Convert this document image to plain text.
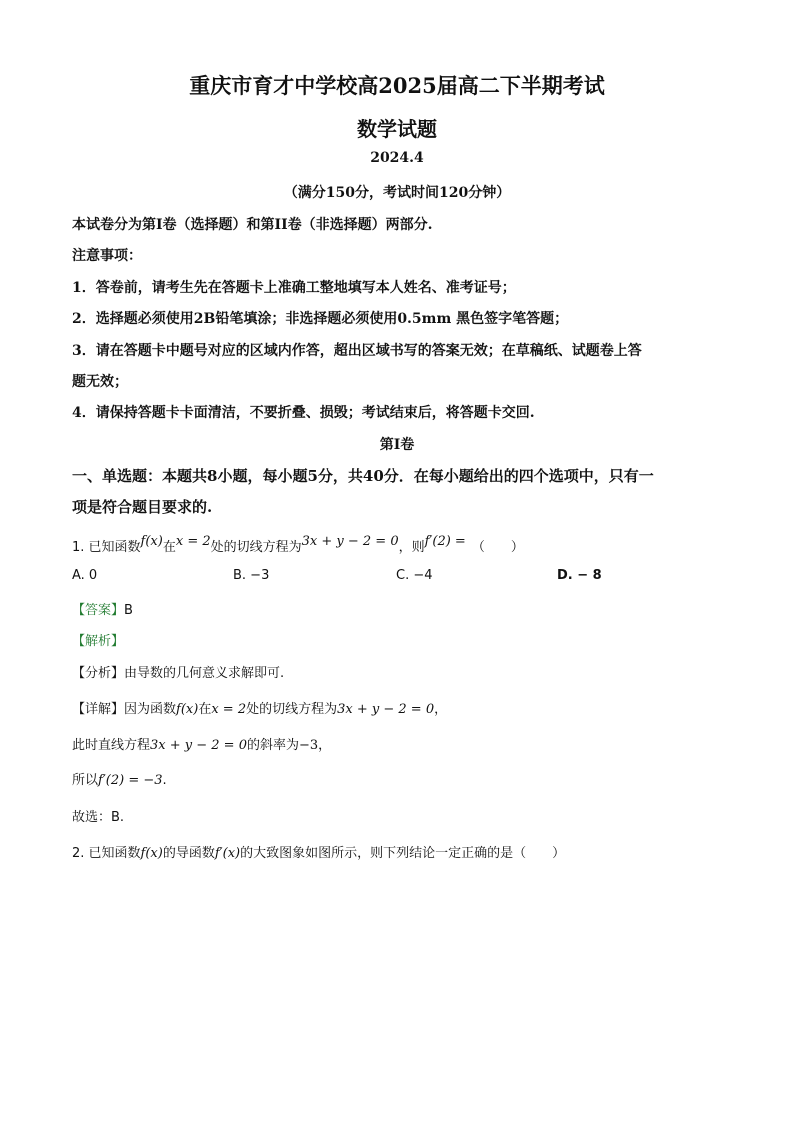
重庆市育才中学校高2025届高二下半期考试
数学试题
2024.4
（满分150分，考试时间120分钟）
本试卷分为第I卷（选择题）和第II卷（非选择题）两部分.
注意事项：
1．答卷前，请考生先在答题卡上准确工整地填写本人姓名、准考证号；
2．选择题必须使用2B铅笔填涂；非选择题必须使用0.5mm 黑色签字笔答题；
3．请在答题卡中题号对应的区域内作答，超出区域书写的答案无效；在草稿纸、试题卷上答
题无效；
4．请保持答题卡卡面清洁，不要折叠、损毁；考试结束后，将答题卡交回.
第I卷
一、单选题：本题共8小题，每小题5分，共40分．在每小题给出的四个选项中，只有一
项是符合题目要求的.
1. 已知函数f(x)在x = 2处的切线方程为3x + y − 2 = 0，则f′(2) = （　　）
A. 0	B. −3	C. −4	D. − 8
【答案】B
【解析】
【分析】由导数的几何意义求解即可.
【详解】因为函数f(x)在x = 2处的切线方程为3x + y − 2 = 0，
此时直线方程3x + y − 2 = 0的斜率为−3，
所以f′(2) = −3.
故选：B.
2. 已知函数f(x)的导函数f′(x)的大致图象如图所示，则下列结论一定正确的是（　　）
